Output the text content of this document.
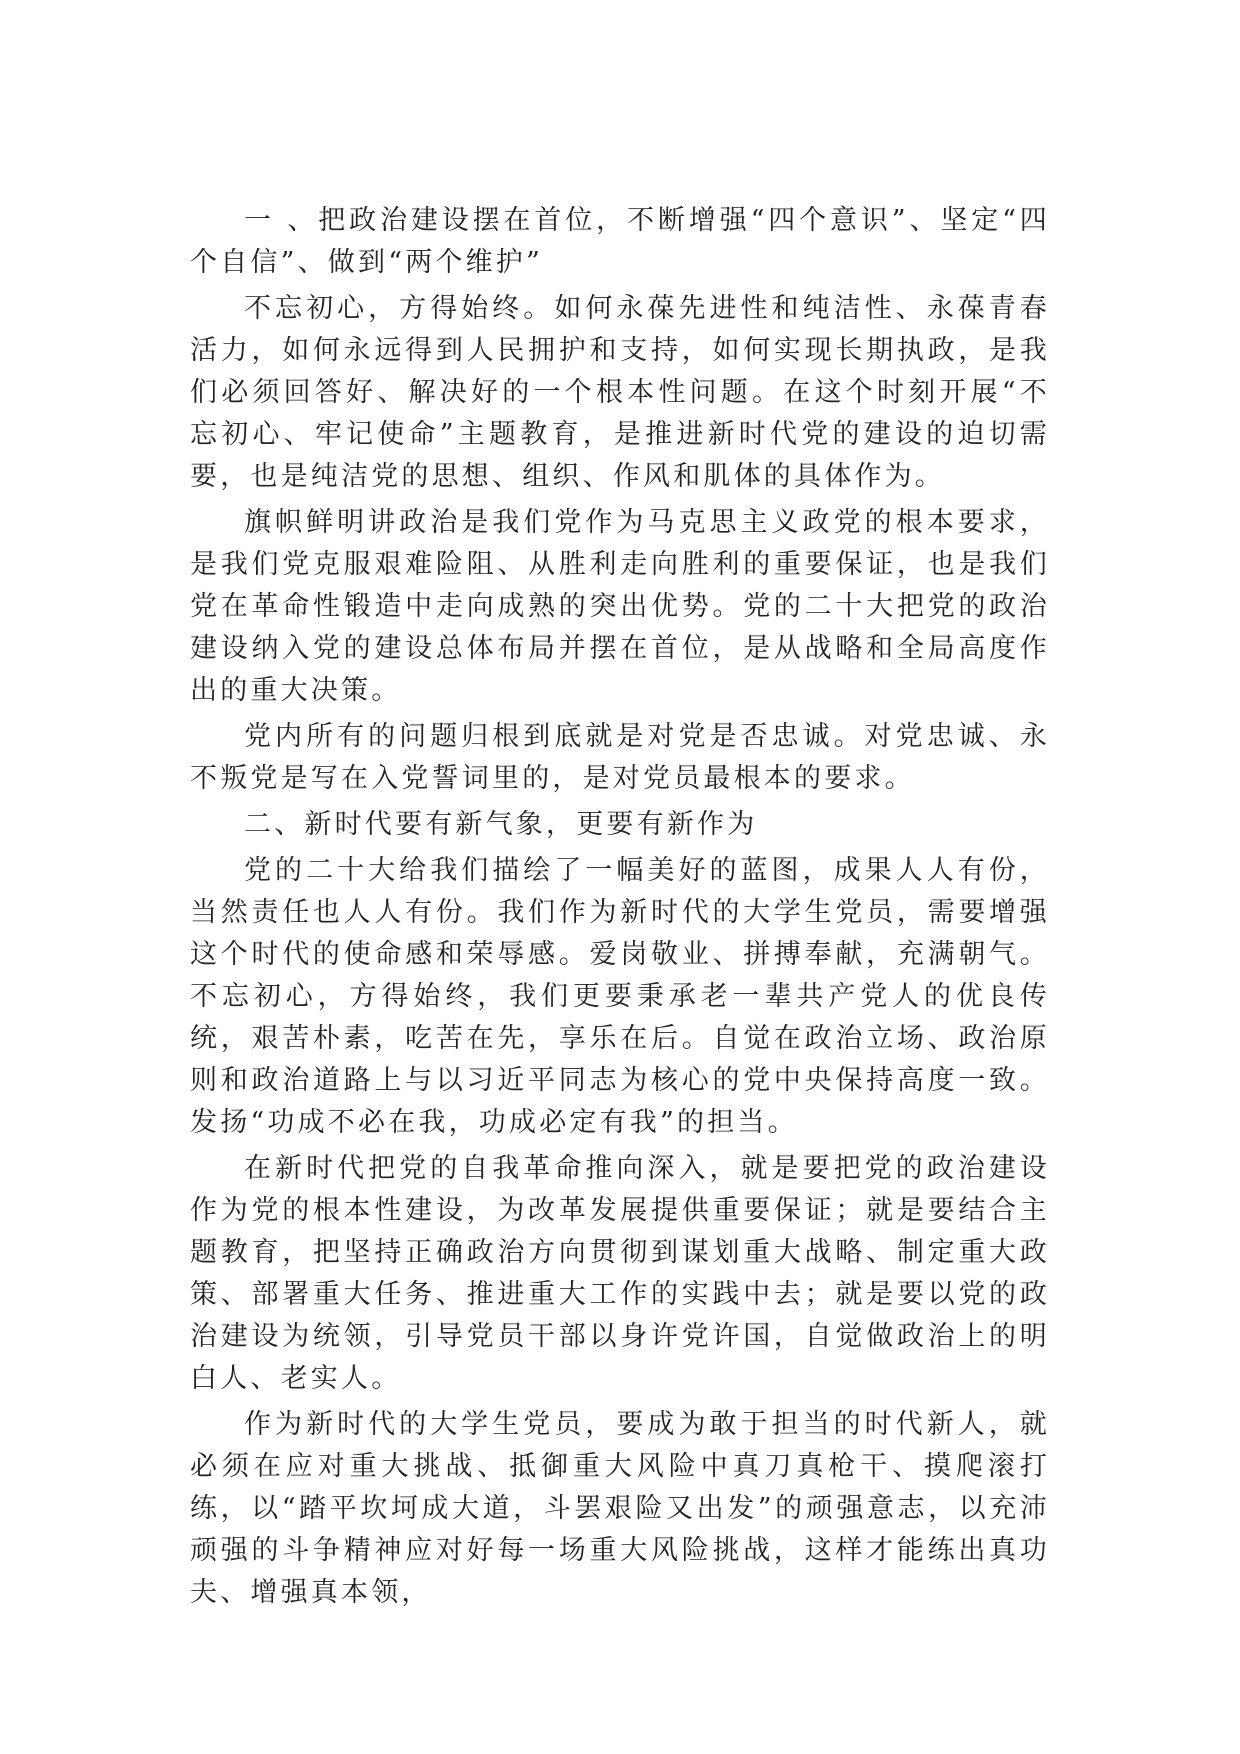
一 、把政治建设摆在首位，不断增强“四个意识”、坚定“四个自信”、做到“两个维护”

不忘初心，方得始终。如何永葆先进性和纯洁性、永葆青春活力，如何永远得到人民拥护和支持，如何实现长期执政，是我们必须回答好、解决好的一个根本性问题。在这个时刻开展“不忘初心、牢记使命”主题教育，是推进新时代党的建设的迫切需要，也是纯洁党的思想、组织、作风和肌体的具体作为。

旗帜鲜明讲政治是我们党作为马克思主义政党的根本要求，是我们党克服艰难险阻、从胜利走向胜利的重要保证，也是我们党在革命性锻造中走向成熟的突出优势。党的二十大把党的政治建设纳入党的建设总体布局并摆在首位，是从战略和全局高度作出的重大决策。

党内所有的问题归根到底就是对党是否忠诚。对党忠诚、永不叛党是写在入党誓词里的，是对党员最根本的要求。

二、新时代要有新气象，更要有新作为

党的二十大给我们描绘了一幅美好的蓝图，成果人人有份，当然责任也人人有份。我们作为新时代的大学生党员，需要增强这个时代的使命感和荣辱感。爱岗敬业、拼搏奉献，充满朝气。不忘初心，方得始终，我们更要秉承老一辈共产党人的优良传统，艰苦朴素，吃苦在先，享乐在后。自觉在政治立场、政治原则和政治道路上与以习近平同志为核心的党中央保持高度一致。发扬“功成不必在我，功成必定有我”的担当。

在新时代把党的自我革命推向深入，就是要把党的政治建设作为党的根本性建设，为改革发展提供重要保证；就是要结合主题教育，把坚持正确政治方向贯彻到谋划重大战略、制定重大政策、部署重大任务、推进重大工作的实践中去；就是要以党的政治建设为统领，引导党员干部以身许党许国，自觉做政治上的明白人、老实人。

作为新时代的大学生党员，要成为敢于担当的时代新人，就必须在应对重大挑战、抵御重大风险中真刀真枪干、摸爬滚打练，以“踏平坎坷成大道，斗罢艰险又出发”的顽强意志，以充沛顽强的斗争精神应对好每一场重大风险挑战，这样才能练出真功夫、增强真本领，
